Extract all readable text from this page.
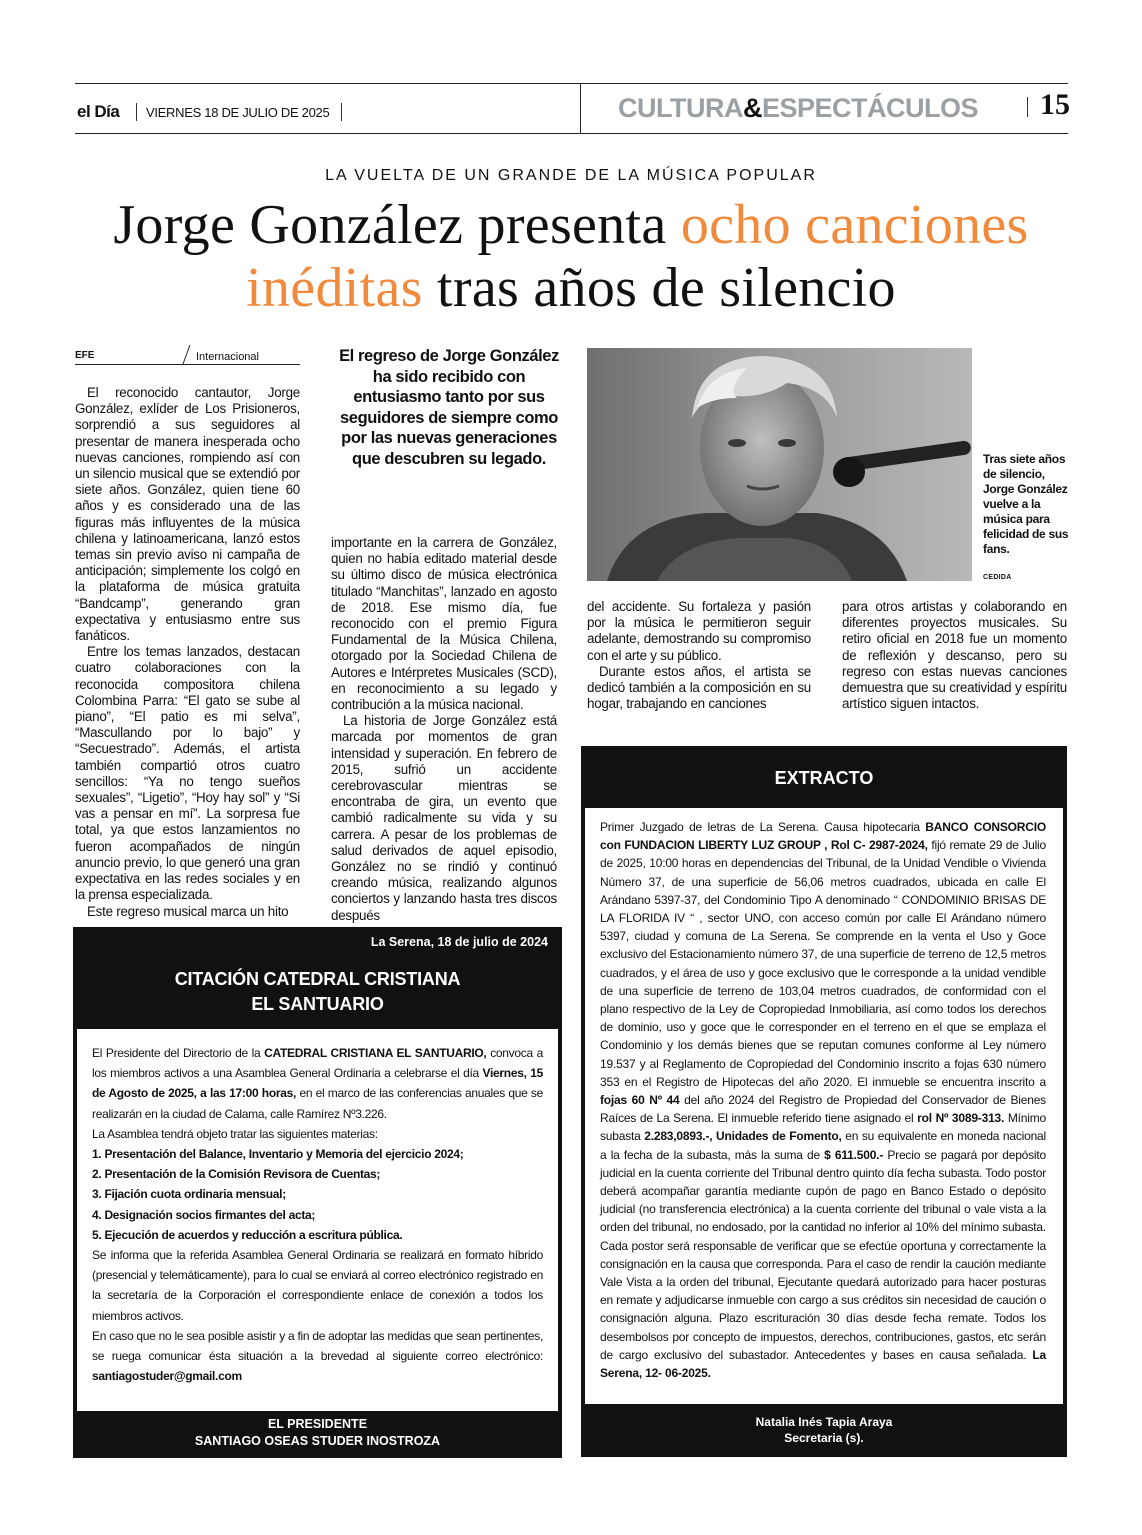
el Día VIERNES 18 DE JULIO DE 2025	CULTURA&ESPECTÁCULOS 15
LA VUELTA DE UN GRANDE DE LA MÚSICA POPULAR
Jorge González presenta ocho canciones inéditas tras años de silencio
EFE	Internacional

El reconocido cantautor, Jorge González, exlíder de Los Prisioneros, sorprendió a sus seguidores al presentar de manera inesperada ocho nuevas canciones, rompiendo así con un silencio musical que se extendió por siete años. González, quien tiene 60 años y es considerado una de las figuras más influyentes de la música chilena y latinoamericana, lanzó estos temas sin previo aviso ni campaña de anticipación; simplemente los colgó en la plataforma de música gratuita “Bandcamp”, generando gran expectativa y entusiasmo entre sus fanáticos.

Entre los temas lanzados, destacan cuatro colaboraciones con la reconocida compositora chilena Colombina Parra: “El gato se sube al piano”, “El patio es mi selva”, “Mascullando por lo bajo” y “Secuestrado”. Además, el artista también compartió otros cuatro sencillos: “Ya no tengo sueños sexuales”, “Ligetio”, “Hoy hay sol” y “Si vas a pensar en mí”. La sorpresa fue total, ya que estos lanzamientos no fueron acompañados de ningún anuncio previo, lo que generó una gran expectativa en las redes sociales y en la prensa especializada.

Este regreso musical marca un hito

El regreso de Jorge González ha sido recibido con entusiasmo tanto por sus seguidores de siempre como por las nuevas generaciones que descubren su legado.

importante en la carrera de González, quien no había editado material desde su último disco de música electrónica titulado “Manchitas”, lanzado en agosto de 2018. Ese mismo día, fue reconocido con el premio Figura Fundamental de la Música Chilena, otorgado por la Sociedad Chilena de Autores e Intérpretes Musicales (SCD), en reconocimiento a su legado y contribución a la música nacional.

La historia de Jorge González está marcada por momentos de gran intensidad y superación. En febrero de 2015, sufrió un accidente cerebrovascular mientras se encontraba de gira, un evento que cambió radicalmente su vida y su carrera. A pesar de los problemas de salud derivados de aquel episodio, González no se rindió y continuó creando música, realizando algunos conciertos y lanzando hasta tres discos después

Tras siete años de silencio, Jorge González vuelve a la música para felicidad de sus fans.
CEDIDA

del accidente. Su fortaleza y pasión por la música le permitieron seguir adelante, demostrando su compromiso con el arte y su público.

Durante estos años, el artista se dedicó también a la composición en su hogar, trabajando en canciones

para otros artistas y colaborando en diferentes proyectos musicales. Su retiro oficial en 2018 fue un momento de reflexión y descanso, pero su regreso con estas nuevas canciones demuestra que su creatividad y espíritu artístico siguen intactos.

La Serena, 18 de julio de 2024
CITACIÓN CATEDRAL CRISTIANA
EL SANTUARIO
El Presidente del Directorio de la CATEDRAL CRISTIANA EL SANTUARIO, convoca a los miembros activos a una Asamblea General Ordinaria a celebrarse el día Viernes, 15 de Agosto de 2025, a las 17:00 horas, en el marco de las conferencias anuales que se realizarán en la ciudad de Calama, calle Ramírez Nº3.226.
La Asamblea tendrá objeto tratar las siguientes materias:
1. Presentación del Balance, Inventario y Memoria del ejercicio 2024;
2. Presentación de la Comisión Revisora de Cuentas;
3. Fijación cuota ordinaria mensual;
4. Designación socios firmantes del acta;
5. Ejecución de acuerdos y reducción a escritura pública.
Se informa que la referida Asamblea General Ordinaria se realizará en formato híbrido (presencial y telemáticamente), para lo cual se enviará al correo electrónico registrado en la secretaría de la Corporación el correspondiente enlace de conexión a todos los miembros activos.
En caso que no le sea posible asistir y a fin de adoptar las medidas que sean pertinentes, se ruega comunicar ésta situación a la brevedad al siguiente correo electrónico: santiagostuder@gmail.com
EL PRESIDENTE
SANTIAGO OSEAS STUDER INOSTROZA
EXTRACTO
Primer Juzgado de letras de La Serena. Causa hipotecaria BANCO CONSORCIO con FUNDACION LIBERTY LUZ GROUP , Rol C- 2987-2024, fijó remate 29 de Julio de 2025, 10:00 horas en dependencias del Tribunal, de la Unidad Vendible o Vivienda Número 37, de una superficie de 56,06 metros cuadrados, ubicada en calle El Arándano 5397-37, del Condominio Tipo A denominado “ CONDOMINIO BRISAS DE LA FLORIDA IV “ , sector UNO, con acceso común por calle El Arándano número 5397, ciudad y comuna de La Serena. Se comprende en la venta el Uso y Goce exclusivo del Estacionamiento número 37, de una superficie de terreno de 12,5 metros cuadrados, y el área de uso y goce exclusivo que le corresponde a la unidad vendible de una superficie de terreno de 103,04 metros cuadrados, de conformidad con el plano respectivo de la Ley de Copropiedad Inmobiliaria, así como todos los derechos de dominio, uso y goce que le corresponder en el terreno en el que se emplaza el Condominio y los demás bienes que se reputan comunes conforme al Ley número 19.537 y al Reglamento de Copropiedad del Condominio inscrito a fojas 630 número 353 en el Registro de Hipotecas del año 2020. El inmueble se encuentra inscrito a fojas 60 Nº 44 del año 2024 del Registro de Propiedad del Conservador de Bienes Raíces de La Serena. El inmueble referido tiene asignado el rol Nº 3089-313. Mínimo subasta 2.283,0893.-, Unidades de Fomento, en su equivalente en moneda nacional a la fecha de la subasta, más la suma de $ 611.500.- Precio se pagará por depósito judicial en la cuenta corriente del Tribunal dentro quinto día fecha subasta. Todo postor deberá acompañar garantía mediante cupón de pago en Banco Estado o depósito judicial (no transferencia electrónica) a la cuenta corriente del tribunal o vale vista a la orden del tribunal, no endosado, por la cantidad no inferior al 10% del mínimo subasta. Cada postor será responsable de verificar que se efectúe oportuna y correctamente la consignación en la causa que corresponda. Para el caso de rendir la caución mediante Vale Vista a la orden del tribunal, Ejecutante quedará autorizado para hacer posturas en remate y adjudicarse inmueble con cargo a sus créditos sin necesidad de caución o consignación alguna. Plazo escrituración 30 días desde fecha remate. Todos los desembolsos por concepto de impuestos, derechos, contribuciones, gastos, etc serán de cargo exclusivo del subastador. Antecedentes y bases en causa señalada. La Serena, 12- 06-2025.
Natalia Inés Tapia Araya
Secretaria (s).
